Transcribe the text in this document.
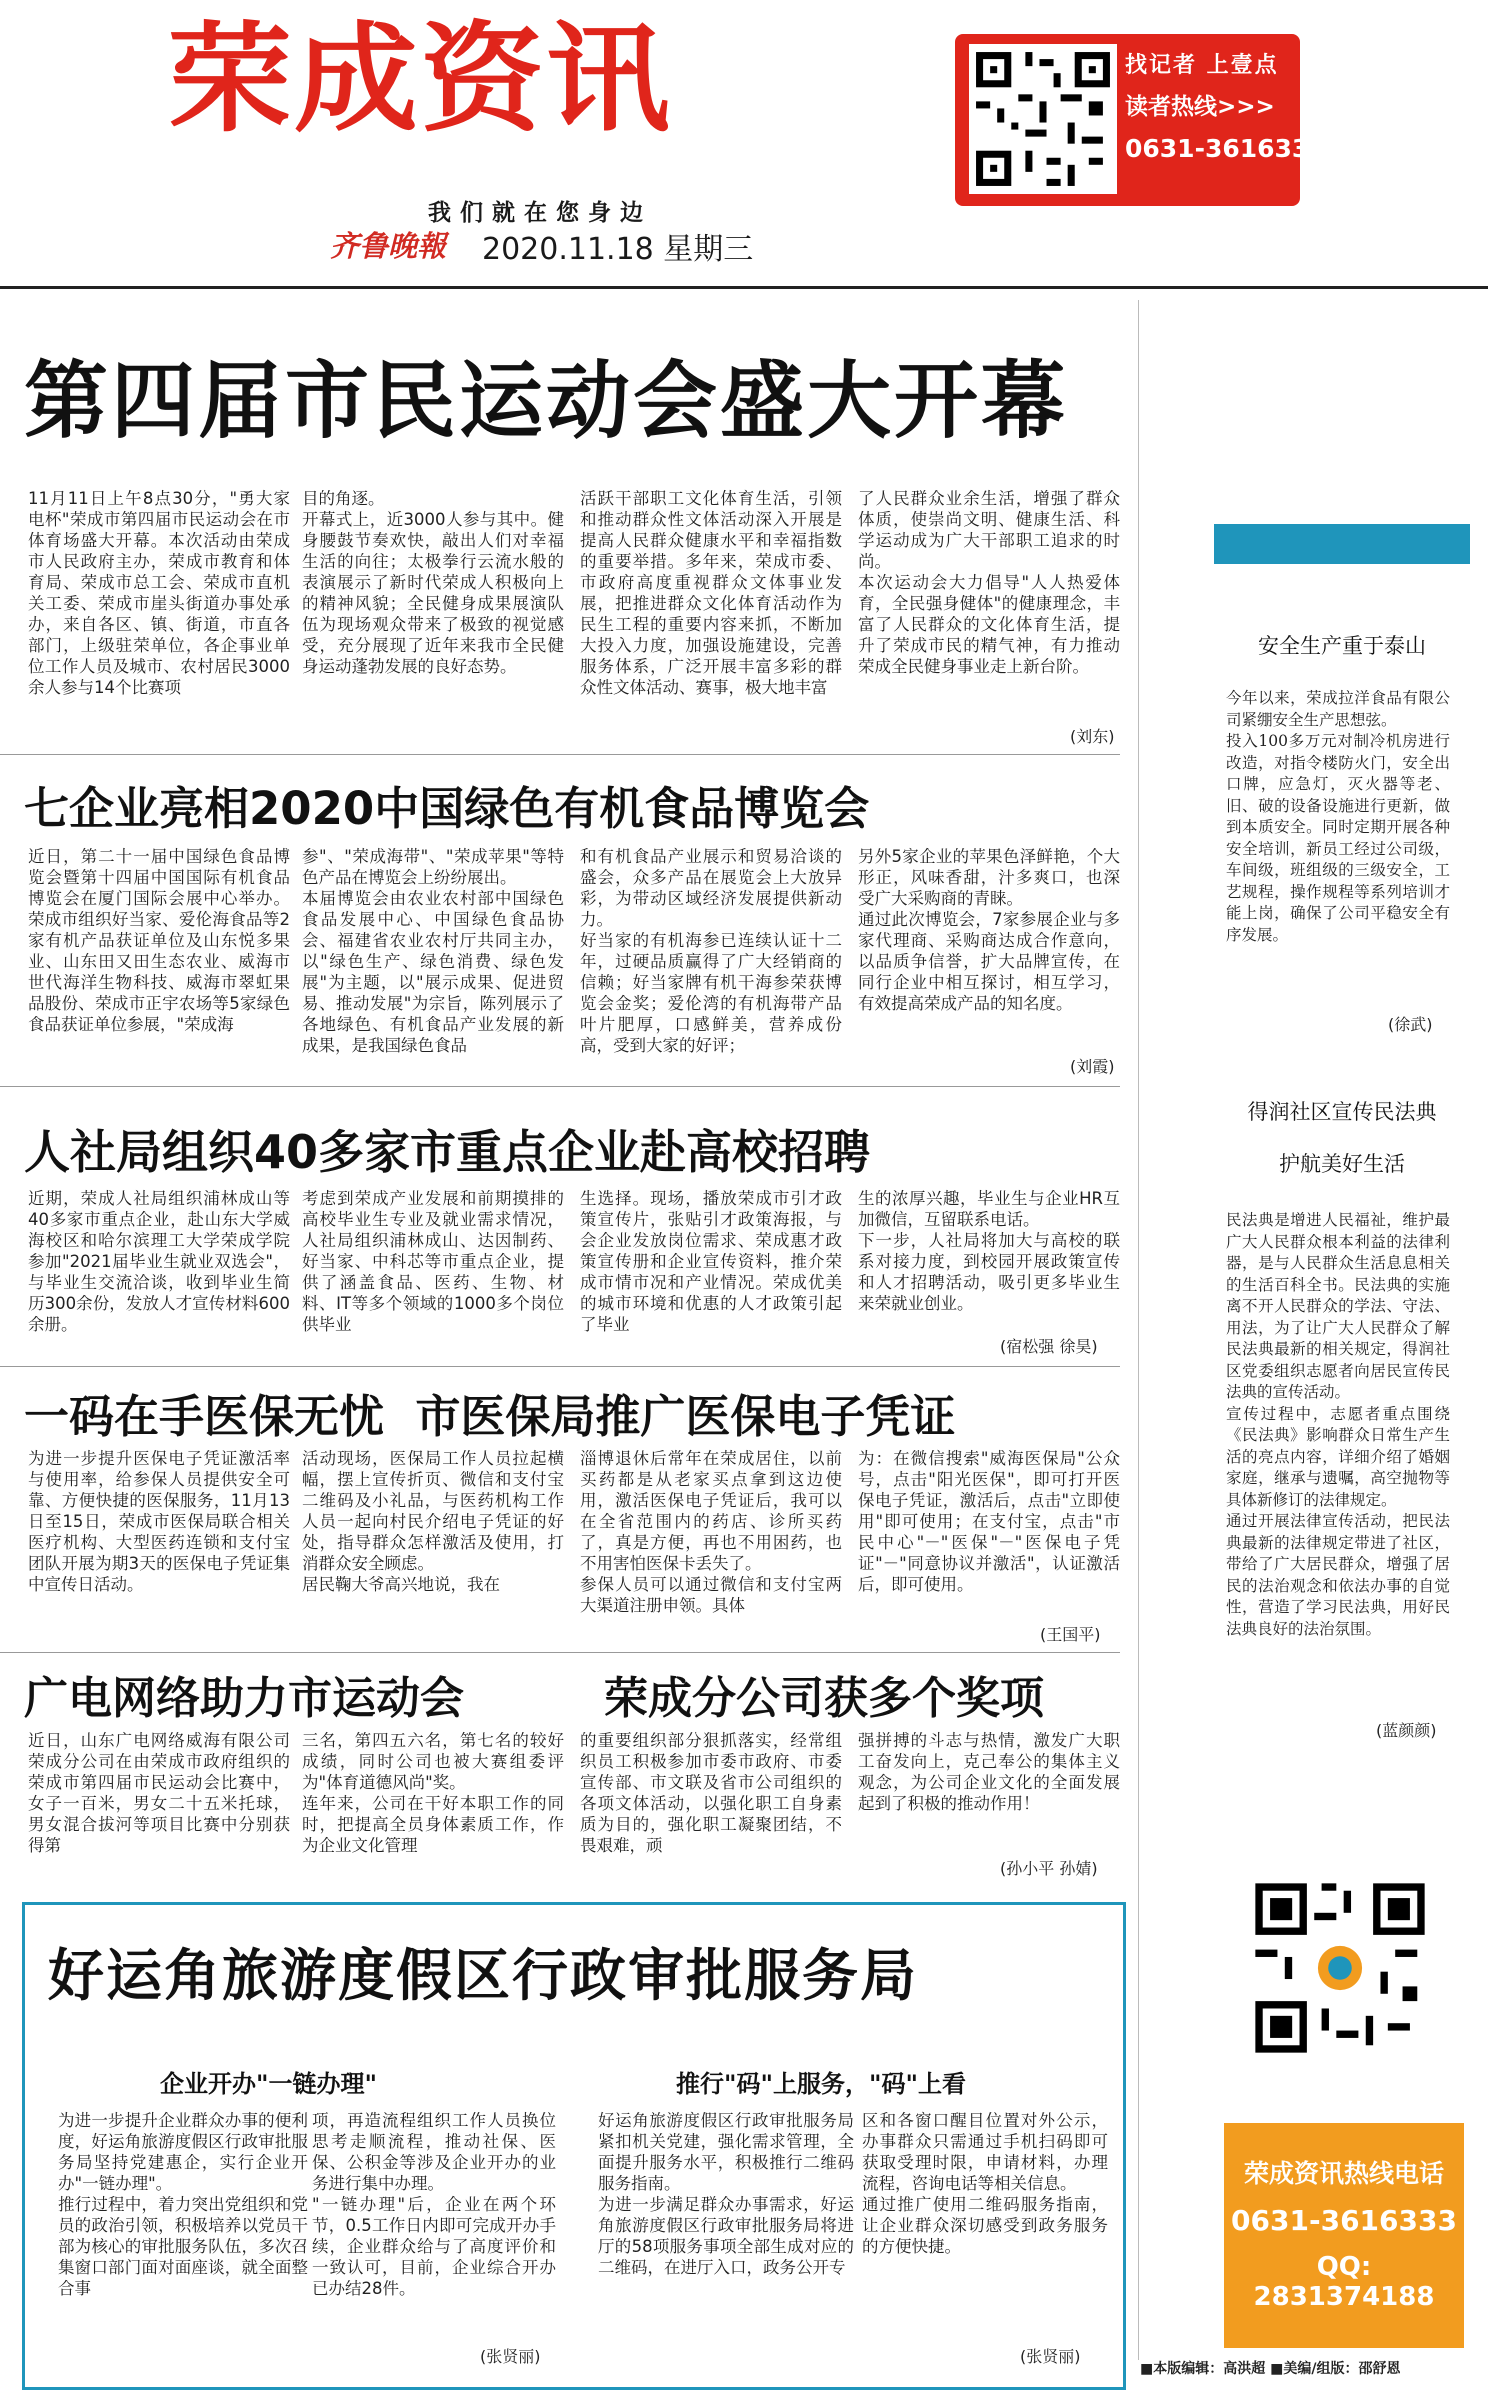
荣成资讯
我们就在您身边
齐鲁晚報 2020.11.18 星期三
找记者 上壹点
读者热线>>>
0631-3616333
第四届市民运动会盛大开幕
11月11日上午8点30分，"勇大家电杯"荣成市第四届市民运动会在市体育场盛大开幕。本次活动由荣成市人民政府主办，荣成市教育和体育局、荣成市总工会、荣成市直机关工委、荣成市崖头街道办事处承办，来自各区、镇、街道，市直各部门，上级驻荣单位，各企事业单位工作人员及城市、农村居民3000余人参与14个比赛项
目的角逐。
开幕式上，近3000人参与其中。健身腰鼓节奏欢快，敲出人们对幸福生活的向往；太极拳行云流水般的表演展示了新时代荣成人积极向上的精神风貌；全民健身成果展演队伍为现场观众带来了极致的视觉感受，充分展现了近年来我市全民健身运动蓬勃发展的良好态势。
活跃干部职工文化体育生活，引领和推动群众性文体活动深入开展是提高人民群众健康水平和幸福指数的重要举措。多年来，荣成市委、市政府高度重视群众文体事业发展，把推进群众文化体育活动作为民生工程的重要内容来抓，不断加大投入力度，加强设施建设，完善服务体系，广泛开展丰富多彩的群众性文体活动、赛事，极大地丰富
了人民群众业余生活，增强了群众体质，使崇尚文明、健康生活、科学运动成为广大干部职工追求的时尚。
本次运动会大力倡导"人人热爱体育，全民强身健体"的健康理念，丰富了人民群众的文化体育生活，提升了荣成市民的精气神，有力推动荣成全民健身事业走上新台阶。
(刘东)
七企业亮相2020中国绿色有机食品博览会
近日，第二十一届中国绿色食品博览会暨第十四届中国国际有机食品博览会在厦门国际会展中心举办。荣成市组织好当家、爱伦海食品等2家有机产品获证单位及山东悦多果业、山东田又田生态农业、威海市世代海洋生物科技、威海市翠虹果品股份、荣成市正宇农场等5家绿色食品获证单位参展，"荣成海
参"、"荣成海带"、"荣成苹果"等特色产品在博览会上纷纷展出。
本届博览会由农业农村部中国绿色食品发展中心、中国绿色食品协会、福建省农业农村厅共同主办，以"绿色生产、绿色消费、绿色发展"为主题，以"展示成果、促进贸易、推动发展"为宗旨，陈列展示了各地绿色、有机食品产业发展的新成果，是我国绿色食品
和有机食品产业展示和贸易洽谈的盛会，众多产品在展览会上大放异彩，为带动区域经济发展提供新动力。
好当家的有机海参已连续认证十二年，过硬品质赢得了广大经销商的信赖；好当家牌有机干海参荣获博览会金奖；爱伦湾的有机海带产品叶片肥厚，口感鲜美，营养成份高，受到大家的好评；
另外5家企业的苹果色泽鲜艳，个大形正，风味香甜，汁多爽口，也深受广大采购商的青睐。
通过此次博览会，7家参展企业与多家代理商、采购商达成合作意向，以品质争信誉，扩大品牌宣传，在同行企业中相互探讨，相互学习，有效提高荣成产品的知名度。
(刘霞)
人社局组织40多家市重点企业赴高校招聘
近期，荣成人社局组织浦林成山等40多家市重点企业，赴山东大学威海校区和哈尔滨理工大学荣成学院参加"2021届毕业生就业双选会"，与毕业生交流洽谈，收到毕业生简历300余份，发放人才宣传材料600余册。
考虑到荣成产业发展和前期摸排的高校毕业生专业及就业需求情况，人社局组织浦林成山、达因制药、好当家、中科芯等市重点企业，提供了涵盖食品、医药、生物、材料、IT等多个领域的1000多个岗位供毕业
生选择。现场，播放荣成市引才政策宣传片，张贴引才政策海报，与会企业发放岗位需求、荣成惠才政策宣传册和企业宣传资料，推介荣成市情市况和产业情况。荣成优美的城市环境和优惠的人才政策引起了毕业
生的浓厚兴趣，毕业生与企业HR互加微信，互留联系电话。
下一步，人社局将加大与高校的联系对接力度，到校园开展政策宣传和人才招聘活动，吸引更多毕业生来荣就业创业。
(宿松强 徐昊)
一码在手医保无忧  市医保局推广医保电子凭证
为进一步提升医保电子凭证激活率与使用率，给参保人员提供安全可靠、方便快捷的医保服务，11月13日至15日，荣成市医保局联合相关医疗机构、大型医药连锁和支付宝团队开展为期3天的医保电子凭证集中宣传日活动。
活动现场，医保局工作人员拉起横幅，摆上宣传折页、微信和支付宝二维码及小礼品，与医药机构工作人员一起向村民介绍电子凭证的好处，指导群众怎样激活及使用，打消群众安全顾虑。
居民鞠大爷高兴地说，我在
淄博退休后常年在荣成居住，以前买药都是从老家买点拿到这边使用，激活医保电子凭证后，我可以在全省范围内的药店、诊所买药了，真是方便，再也不用困药，也不用害怕医保卡丢失了。
参保人员可以通过微信和支付宝两大渠道注册申领。具体
为：在微信搜索"威海医保局"公众号，点击"阳光医保"，即可打开医保电子凭证，激活后，点击"立即使用"即可使用；在支付宝，点击"市民中心"－"医保"－"医保电子凭证"－"同意协议并激活"，认证激活后，即可使用。
(王国平)
广电网络助力市运动会	荣成分公司获多个奖项
近日，山东广电网络威海有限公司荣成分公司在由荣成市政府组织的荣成市第四届市民运动会比赛中，女子一百米，男女二十五米托球，男女混合拔河等项目比赛中分别获得第
三名，第四五六名，第七名的较好成绩，同时公司也被大赛组委评为"体育道德风尚"奖。
连年来，公司在干好本职工作的同时，把提高全员身体素质工作，作为企业文化管理
的重要组织部分狠抓落实，经常组织员工积极参加市委市政府、市委宣传部、市文联及省市公司组织的各项文体活动，以强化职工自身素质为目的，强化职工凝聚团结，不畏艰难，顽
强拼搏的斗志与热情，激发广大职工奋发向上，克己奉公的集体主义观念，为公司企业文化的全面发展起到了积极的推动作用！
(孙小平 孙婧)
好运角旅游度假区行政审批服务局
企业开办"一链办理"	推行"码"上服务，"码"上看
为进一步提升企业群众办事的便利度，好运角旅游度假区行政审批服务局坚持党建惠企，实行企业开办"一链办理"。
推行过程中，着力突出党组织和党员的政治引领，积极培养以党员干部为核心的审批服务队伍，多次召集窗口部门面对面座谈，就全面整合事
项，再造流程组织工作人员换位思考走顺流程，推动社保、医保、公积金等涉及企业开办的业务进行集中办理。
"一链办理"后，企业在两个环节，0.5工作日内即可完成开办手续，企业群众给与了高度评价和一致认可，目前，企业综合开办已办结28件。
(张贤丽)
好运角旅游度假区行政审批服务局紧扣机关党建，强化需求管理，全面提升服务水平，积极推行二维码服务指南。
为进一步满足群众办事需求，好运角旅游度假区行政审批服务局将进厅的58项服务事项全部生成对应的二维码，在进厅入口，政务公开专
区和各窗口醒目位置对外公示，办事群众只需通过手机扫码即可获取受理时限，申请材料，办理流程，咨询电话等相关信息。
通过推广使用二维码服务指南，让企业群众深切感受到政务服务的方便快捷。
(张贤丽)
安全生产重于泰山
今年以来，荣成拉洋食品有限公司紧绷安全生产思想弦。
投入100多万元对制冷机房进行改造，对指令楼防火门，安全出口牌，应急灯，灭火器等老、旧、破的设备设施进行更新，做到本质安全。同时定期开展各种安全培训，新员工经过公司级，车间级，班组级的三级安全，工艺规程，操作规程等系列培训才能上岗，确保了公司平稳安全有序发展。
(徐武)
得润社区宣传民法典
护航美好生活
民法典是增进人民福祉，维护最广大人民群众根本利益的法律利器，是与人民群众生活息息相关的生活百科全书。民法典的实施离不开人民群众的学法、守法、用法，为了让广大人民群众了解民法典最新的相关规定，得润社区党委组织志愿者向居民宣传民法典的宣传活动。
宣传过程中，志愿者重点围绕《民法典》影响群众日常生产生活的亮点内容，详细介绍了婚姻家庭，继承与遗嘱，高空抛物等具体新修订的法律规定。
通过开展法律宣传活动，把民法典最新的法律规定带进了社区，带给了广大居民群众，增强了居民的法治观念和依法办事的自觉性，营造了学习民法典，用好民法典良好的法治氛围。
(蓝颜颜)
荣成资讯热线电话
0631-3616333
QQ: 2831374188
■本版编辑：高洪超 ■美编/组版：邵舒恩
